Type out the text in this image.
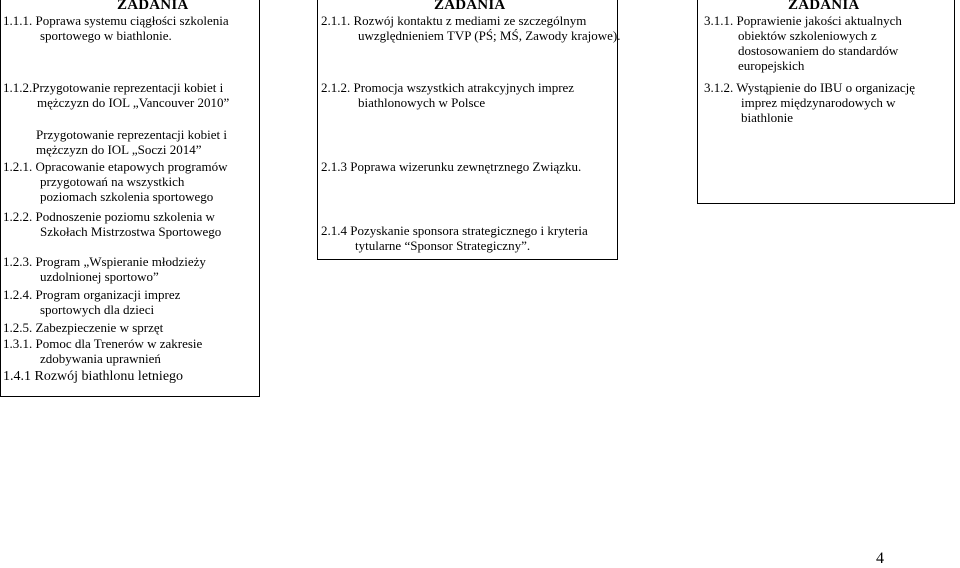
ZADANIA
1.1.1. Poprawa systemu ciągłości szkolenia
sportowego w biathlonie.
1.1.2.Przygotowanie reprezentacji kobiet i
mężczyzn do IOL „Vancouver 2010”
Przygotowanie reprezentacji kobiet i
mężczyzn do IOL „Soczi 2014”
1.2.1. Opracowanie etapowych programów
przygotowań na wszystkich
poziomach szkolenia sportowego
1.2.2. Podnoszenie poziomu szkolenia w
Szkołach Mistrzostwa Sportowego
1.2.3. Program „Wspieranie młodzieży
uzdolnionej sportowo”
1.2.4. Program organizacji imprez
sportowych dla dzieci
1.2.5. Zabezpieczenie w sprzęt
1.3.1. Pomoc dla Trenerów w zakresie
zdobywania uprawnień
1.4.1 Rozwój biathlonu letniego
ZADANIA
2.1.1. Rozwój kontaktu z mediami ze szczególnym
uwzględnieniem TVP (PŚ; MŚ, Zawody krajowe).
2.1.2. Promocja wszystkich atrakcyjnych imprez
biathlonowych w Polsce
2.1.3 Poprawa wizerunku zewnętrznego Związku.
2.1.4 Pozyskanie sponsora strategicznego i kryteria
tytularne “Sponsor Strategiczny”.
ZADANIA
3.1.1. Poprawienie jakości aktualnych
obiektów szkoleniowych z
dostosowaniem do standardów
europejskich
3.1.2. Wystąpienie do IBU o organizację
imprez międzynarodowych w
biathlonie
4
